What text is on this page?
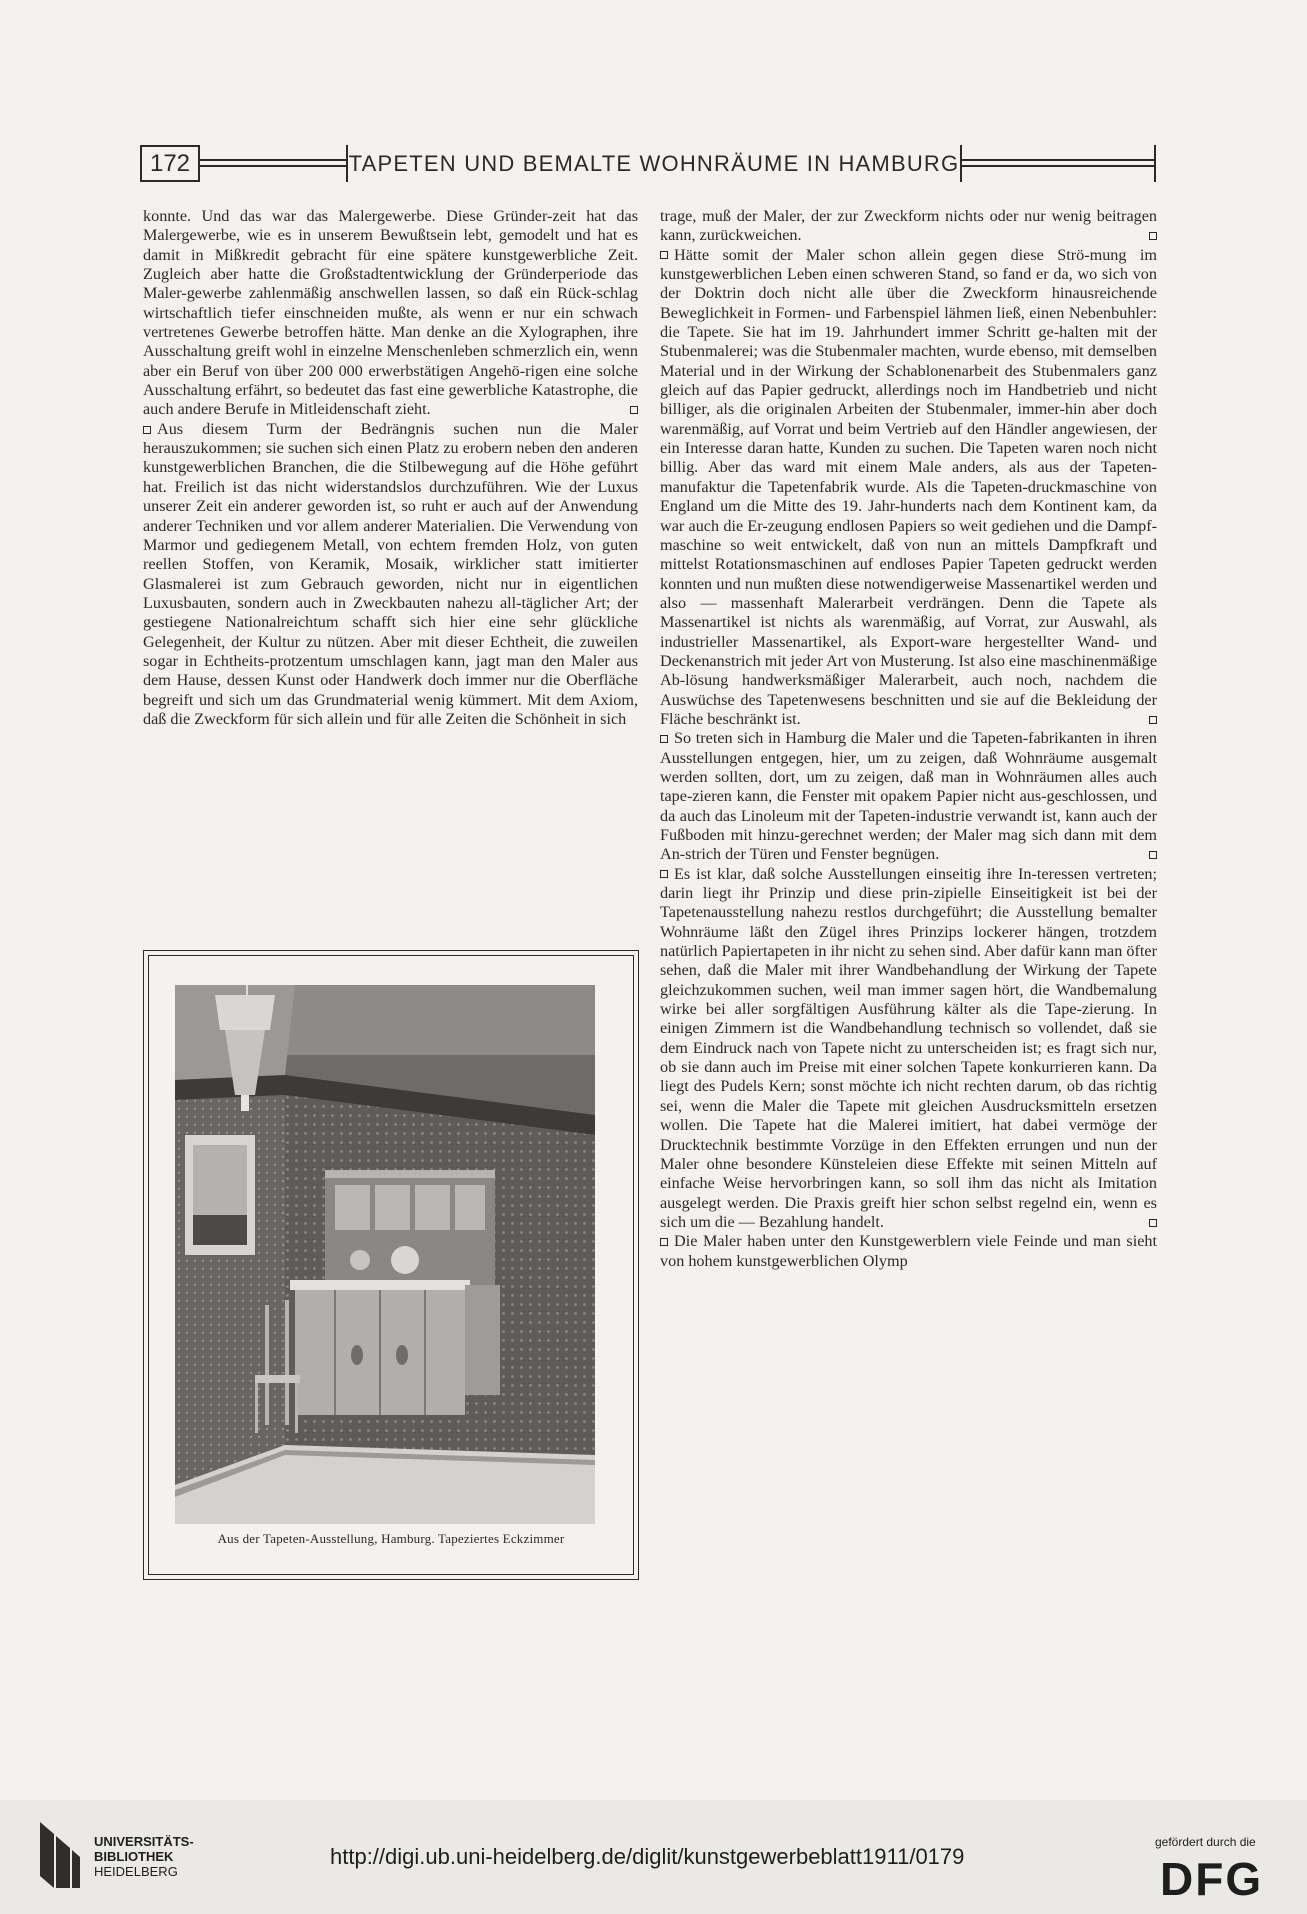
172	TAPETEN UND BEMALTE WOHNRÄUME IN HAMBURG

konnte. Und das war das Malergewerbe. Diese Gründer-zeit hat das Malergewerbe, wie es in unserem Bewußtsein lebt, gemodelt und hat es damit in Mißkredit gebracht für eine spätere kunstgewerbliche Zeit. Zugleich aber hatte die Großstadtentwicklung der Gründerperiode das Maler-gewerbe zahlenmäßig anschwellen lassen, so daß ein Rück-schlag wirtschaftlich tiefer einschneiden mußte, als wenn er nur ein schwach vertretenes Gewerbe betroffen hätte. Man denke an die Xylographen, ihre Ausschaltung greift wohl in einzelne Menschenleben schmerzlich ein, wenn aber ein Beruf von über 200 000 erwerbstätigen Angehö-rigen eine solche Ausschaltung erfährt, so bedeutet das fast eine gewerbliche Katastrophe, die auch andere Berufe in Mitleidenschaft zieht.

Aus diesem Turm der Bedrängnis suchen nun die Maler herauszukommen; sie suchen sich einen Platz zu erobern neben den anderen kunstgewerblichen Branchen, die die Stilbewegung auf die Höhe geführt hat. Freilich ist das nicht widerstandslos durchzuführen. Wie der Luxus unserer Zeit ein anderer geworden ist, so ruht er auch auf der Anwendung anderer Techniken und vor allem anderer Materialien. Die Verwendung von Marmor und gediegenem Metall, von echtem fremden Holz, von guten reellen Stoffen, von Keramik, Mosaik, wirklicher statt imitierter Glasmalerei ist zum Gebrauch geworden, nicht nur in eigentlichen Luxusbauten, sondern auch in Zweckbauten nahezu all-täglicher Art; der gestiegene Nationalreichtum schafft sich hier eine sehr glückliche Gelegenheit, der Kultur zu nützen. Aber mit dieser Echtheit, die zuweilen sogar in Echtheits-protzentum umschlagen kann, jagt man den Maler aus dem Hause, dessen Kunst oder Handwerk doch immer nur die Oberfläche begreift und sich um das Grundmaterial wenig kümmert. Mit dem Axiom, daß die Zweckform für sich allein und für alle Zeiten die Schönheit in sich

Aus der Tapeten-Ausstellung, Hamburg. Tapeziertes Eckzimmer

trage, muß der Maler, der zur Zweckform nichts oder nur wenig beitragen kann, zurückweichen.

Hätte somit der Maler schon allein gegen diese Strö-mung im kunstgewerblichen Leben einen schweren Stand, so fand er da, wo sich von der Doktrin doch nicht alle über die Zweckform hinausreichende Beweglichkeit in Formen- und Farbenspiel lähmen ließ, einen Nebenbuhler: die Tapete. Sie hat im 19. Jahrhundert immer Schritt ge-halten mit der Stubenmalerei; was die Stubenmaler machten, wurde ebenso, mit demselben Material und in der Wirkung der Schablonenarbeit des Stubenmalers ganz gleich auf das Papier gedruckt, allerdings noch im Handbetrieb und nicht billiger, als die originalen Arbeiten der Stubenmaler, immer-hin aber doch warenmäßig, auf Vorrat und beim Vertrieb auf den Händler angewiesen, der ein Interesse daran hatte, Kunden zu suchen. Die Tapeten waren noch nicht billig. Aber das ward mit einem Male anders, als aus der Tapeten-manufaktur die Tapetenfabrik wurde. Als die Tapeten-druckmaschine von England um die Mitte des 19. Jahr-hunderts nach dem Kontinent kam, da war auch die Er-zeugung endlosen Papiers so weit gediehen und die Dampf-maschine so weit entwickelt, daß von nun an mittels Dampfkraft und mittelst Rotationsmaschinen auf endloses Papier Tapeten gedruckt werden konnten und nun mußten diese notwendigerweise Massenartikel werden und also — massenhaft Malerarbeit verdrängen. Denn die Tapete als Massenartikel ist nichts als warenmäßig, auf Vorrat, zur Auswahl, als industrieller Massenartikel, als Export-ware hergestellter Wand- und Deckenanstrich mit jeder Art von Musterung. Ist also eine maschinenmäßige Ab-lösung handwerksmäßiger Malerarbeit, auch noch, nachdem die Auswüchse des Tapetenwesens beschnitten und sie auf die Bekleidung der Fläche beschränkt ist.

So treten sich in Hamburg die Maler und die Tapeten-fabrikanten in ihren Ausstellungen entgegen, hier, um zu zeigen, daß Wohnräume ausgemalt werden sollten, dort, um zu zeigen, daß man in Wohnräumen alles auch tape-zieren kann, die Fenster mit opakem Papier nicht aus-geschlossen, und da auch das Linoleum mit der Tapeten-industrie verwandt ist, kann auch der Fußboden mit hinzu-gerechnet werden; der Maler mag sich dann mit dem An-strich der Türen und Fenster begnügen.

Es ist klar, daß solche Ausstellungen einseitig ihre In-teressen vertreten; darin liegt ihr Prinzip und diese prin-zipielle Einseitigkeit ist bei der Tapetenausstellung nahezu restlos durchgeführt; die Ausstellung bemalter Wohnräume läßt den Zügel ihres Prinzips lockerer hängen, trotzdem natürlich Papiertapeten in ihr nicht zu sehen sind. Aber dafür kann man öfter sehen, daß die Maler mit ihrer Wandbehandlung der Wirkung der Tapete gleichzukommen suchen, weil man immer sagen hört, die Wandbemalung wirke bei aller sorgfältigen Ausführung kälter als die Tape-zierung. In einigen Zimmern ist die Wandbehandlung technisch so vollendet, daß sie dem Eindruck nach von Tapete nicht zu unterscheiden ist; es fragt sich nur, ob sie dann auch im Preise mit einer solchen Tapete konkurrieren kann. Da liegt des Pudels Kern; sonst möchte ich nicht rechten darum, ob das richtig sei, wenn die Maler die Tapete mit gleichen Ausdrucksmitteln ersetzen wollen. Die Tapete hat die Malerei imitiert, hat dabei vermöge der Drucktechnik bestimmte Vorzüge in den Effekten errungen und nun der Maler ohne besondere Künsteleien diese Effekte mit seinen Mitteln auf einfache Weise hervorbringen kann, so soll ihm das nicht als Imitation ausgelegt werden. Die Praxis greift hier schon selbst regelnd ein, wenn es sich um die — Bezahlung handelt.

Die Maler haben unter den Kunstgewerblern viele Feinde und man sieht von hohem kunstgewerblichen Olymp

UNIVERSITÄTS-
BIBLIOTHEK
HEIDELBERG
http://digi.ub.uni-heidelberg.de/diglit/kunstgewerbeblatt1911/0179
gefördert durch die
DFG
